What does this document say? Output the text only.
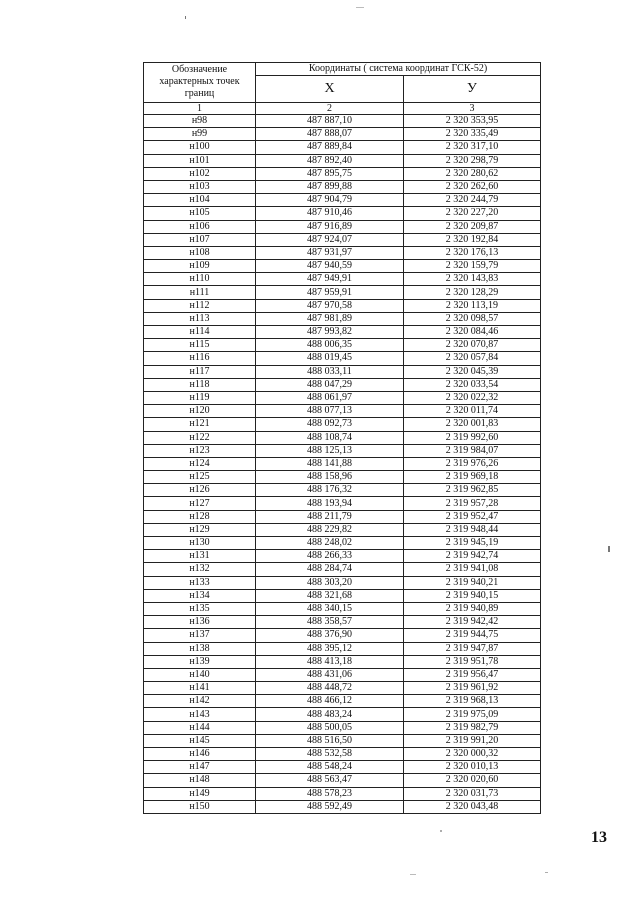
Обозначение характерных точек границ	Координаты ( система координат ГСК-52)	
	Х	У
1	2	3
н98	487 887,10	2 320 353,95
н99	487 888,07	2 320 335,49
н100	487 889,84	2 320 317,10
н101	487 892,40	2 320 298,79
н102	487 895,75	2 320 280,62
н103	487 899,88	2 320 262,60
н104	487 904,79	2 320 244,79
н105	487 910,46	2 320 227,20
н106	487 916,89	2 320 209,87
н107	487 924,07	2 320 192,84
н108	487 931,97	2 320 176,13
н109	487 940,59	2 320 159,79
н110	487 949,91	2 320 143,83
н111	487 959,91	2 320 128,29
н112	487 970,58	2 320 113,19
н113	487 981,89	2 320 098,57
н114	487 993,82	2 320 084,46
н115	488 006,35	2 320 070,87
н116	488 019,45	2 320 057,84
н117	488 033,11	2 320 045,39
н118	488 047,29	2 320 033,54
н119	488 061,97	2 320 022,32
н120	488 077,13	2 320 011,74
н121	488 092,73	2 320 001,83
н122	488 108,74	2 319 992,60
н123	488 125,13	2 319 984,07
н124	488 141,88	2 319 976,26
н125	488 158,96	2 319 969,18
н126	488 176,32	2 319 962,85
н127	488 193,94	2 319 957,28
н128	488 211,79	2 319 952,47
н129	488 229,82	2 319 948,44
н130	488 248,02	2 319 945,19
н131	488 266,33	2 319 942,74
н132	488 284,74	2 319 941,08
н133	488 303,20	2 319 940,21
н134	488 321,68	2 319 940,15
н135	488 340,15	2 319 940,89
н136	488 358,57	2 319 942,42
н137	488 376,90	2 319 944,75
н138	488 395,12	2 319 947,87
н139	488 413,18	2 319 951,78
н140	488 431,06	2 319 956,47
н141	488 448,72	2 319 961,92
н142	488 466,12	2 319 968,13
н143	488 483,24	2 319 975,09
н144	488 500,05	2 319 982,79
н145	488 516,50	2 319 991,20
н146	488 532,58	2 320 000,32
н147	488 548,24	2 320 010,13
н148	488 563,47	2 320 020,60
н149	488 578,23	2 320 031,73
н150	488 592,49	2 320 043,48
13
